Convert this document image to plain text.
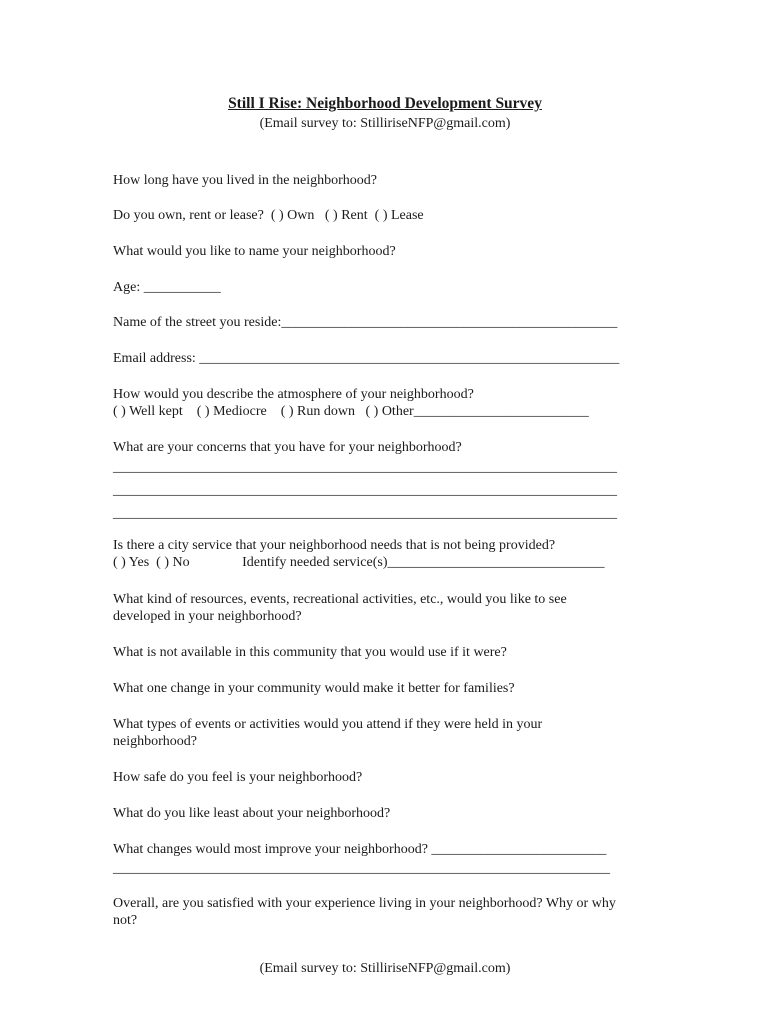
Still I Rise: Neighborhood Development Survey
(Email survey to: StilliriseNFP@gmail.com)
How long have you lived in the neighborhood?
Do you own, rent or lease?  ( ) Own   ( ) Rent  ( ) Lease
What would you like to name your neighborhood?
Age: ___________
Name of the street you reside:________________________________________________
Email address: ____________________________________________________________
How would you describe the atmosphere of your neighborhood?
( ) Well kept    ( ) Mediocre    ( ) Run down   ( ) Other_________________________
What are your concerns that you have for your neighborhood?
________________________________________________________________________
________________________________________________________________________
________________________________________________________________________
Is there a city service that your neighborhood needs that is not being provided?
( ) Yes  ( ) No               Identify needed service(s)_______________________________
What kind of resources, events, recreational activities, etc., would you like to see
developed in your neighborhood?
What is not available in this community that you would use if it were?
What one change in your community would make it better for families?
What types of events or activities would you attend if they were held in your
neighborhood?
How safe do you feel is your neighborhood?
What do you like least about your neighborhood?
What changes would most improve your neighborhood? _________________________
_______________________________________________________________________
Overall, are you satisfied with your experience living in your neighborhood? Why or why
not?
(Email survey to: StilliriseNFP@gmail.com)
